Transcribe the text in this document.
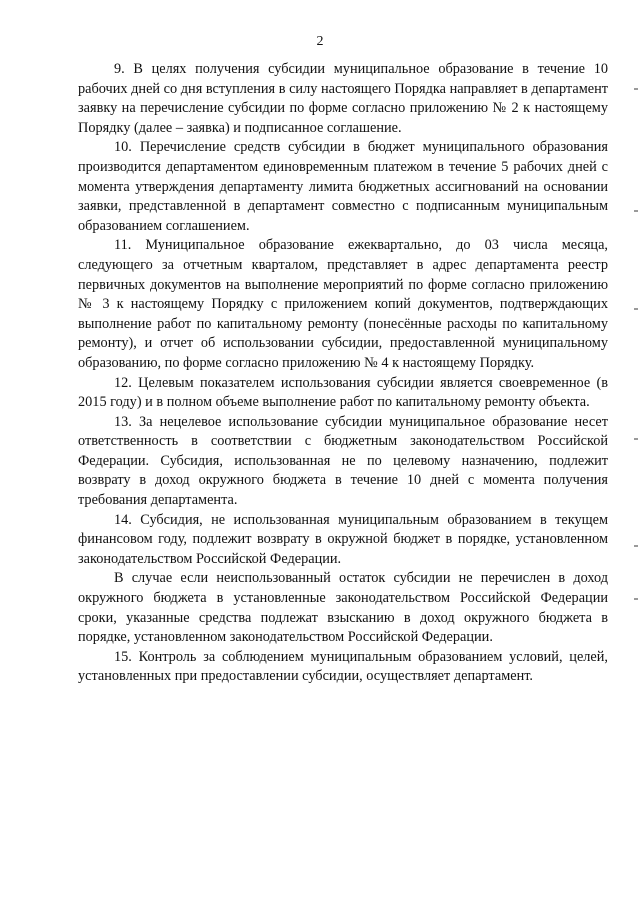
2

9. В целях получения субсидии муниципальное образование в течение 10 рабочих дней со дня вступления в силу настоящего Порядка направляет в департамент заявку на перечисление субсидии по форме согласно приложению № 2 к настоящему Порядку (далее – заявка) и подписанное соглашение.

10. Перечисление средств субсидии в бюджет муниципального образования производится департаментом единовременным платежом в течение 5 рабочих дней с момента утверждения департаменту лимита бюджетных ассигнований на основании заявки, представленной в департамент совместно с подписанным муниципальным образованием соглашением.

11. Муниципальное образование ежеквартально, до 03 числа месяца, следующего за отчетным кварталом, представляет в адрес департамента реестр первичных документов на выполнение мероприятий по форме согласно приложению № 3 к настоящему Порядку с приложением копий документов, подтверждающих выполнение работ по капитальному ремонту (понесённые расходы по капитальному ремонту), и отчет об использовании субсидии, предоставленной муниципальному образованию, по форме согласно приложению № 4 к настоящему Порядку.

12. Целевым показателем использования субсидии является своевременное (в 2015 году) и в полном объеме выполнение работ по капитальному ремонту объекта.

13. За нецелевое использование субсидии муниципальное образование несет ответственность в соответствии с бюджетным законодательством Российской Федерации. Субсидия, использованная не по целевому назначению, подлежит возврату в доход окружного бюджета в течение 10 дней с момента получения требования департамента.

14. Субсидия, не использованная муниципальным образованием в текущем финансовом году, подлежит возврату в окружной бюджет в порядке, установленном законодательством Российской Федерации.

В случае если неиспользованный остаток субсидии не перечислен в доход окружного бюджета в установленные законодательством Российской Федерации сроки, указанные средства подлежат взысканию в доход окружного бюджета в порядке, установленном законодательством Российской Федерации.

15. Контроль за соблюдением муниципальным образованием условий, целей, установленных при предоставлении субсидии, осуществляет департамент.
